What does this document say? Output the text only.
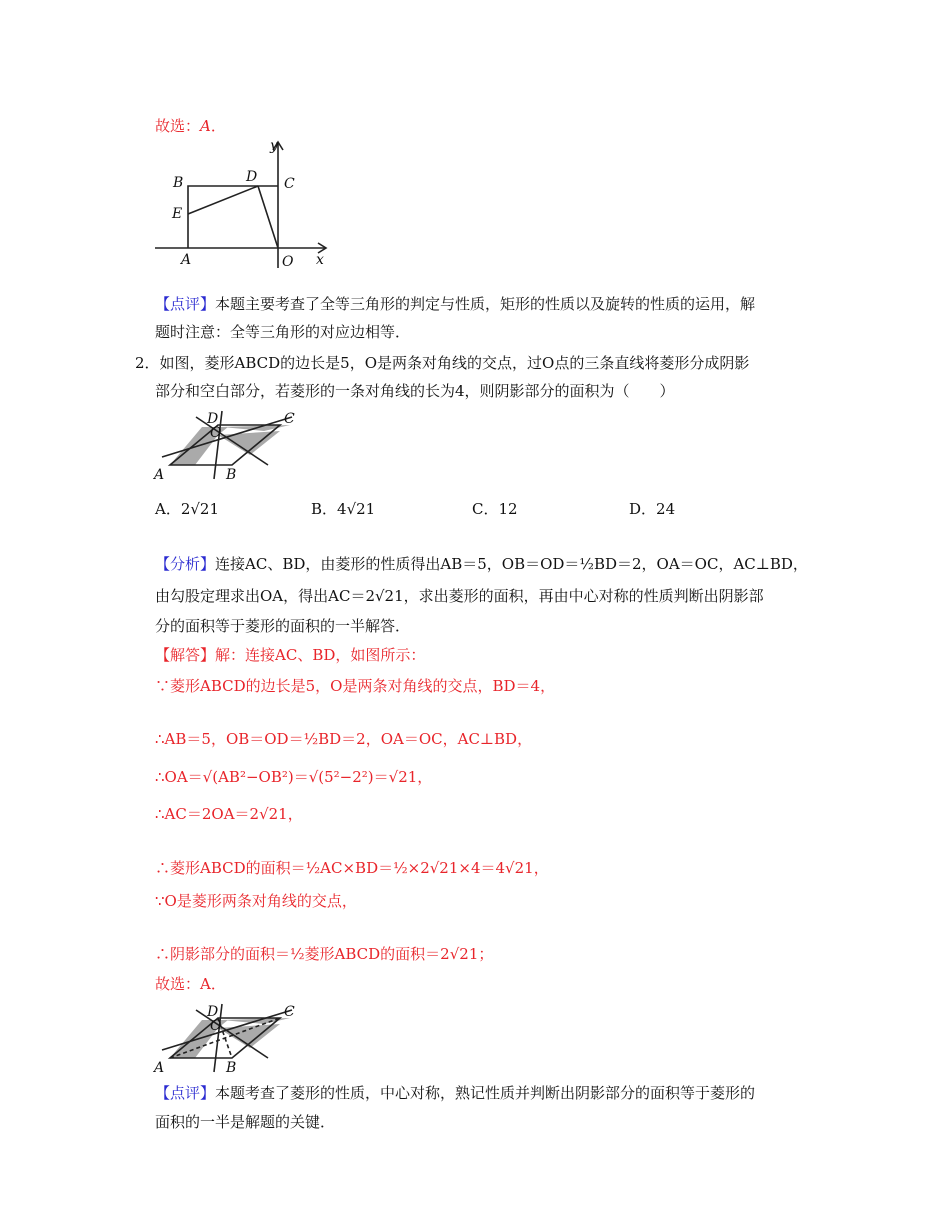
故选：A．
y
B	D C
E
A	O x
【点评】本题主要考查了全等三角形的判定与性质，矩形的性质以及旋转的性质的运用，解
题时注意：全等三角形的对应边相等．
2．如图，菱形ABCD的边长是5，O是两条对角线的交点，过O点的三条直线将菱形分成阴影
部分和空白部分，若菱形的一条对角线的长为4，则阴影部分的面积为（　　）
D	C
O
A	B
A．2√21	B．4√21	C．12	D．24
【分析】连接AC、BD，由菱形的性质得出AB＝5，OB＝OD＝½BD＝2，OA＝OC，AC⊥BD，
由勾股定理求出OA，得出AC＝2√21，求出菱形的面积，再由中心对称的性质判断出阴影部
分的面积等于菱形的面积的一半解答．
【解答】解：连接AC、BD，如图所示：
∵菱形ABCD的边长是5，O是两条对角线的交点，BD＝4，
∴AB＝5，OB＝OD＝½BD＝2，OA＝OC，AC⊥BD，
∴OA＝√(AB²−OB²)＝√(5²−2²)＝√21，
∴AC＝2OA＝2√21，
∴菱形ABCD的面积＝½AC×BD＝½×2√21×4＝4√21，
∵O是菱形两条对角线的交点，
∴阴影部分的面积＝½菱形ABCD的面积＝2√21；
故选：A．
D	C
O
A	B
【点评】本题考查了菱形的性质，中心对称，熟记性质并判断出阴影部分的面积等于菱形的
面积的一半是解题的关键．
